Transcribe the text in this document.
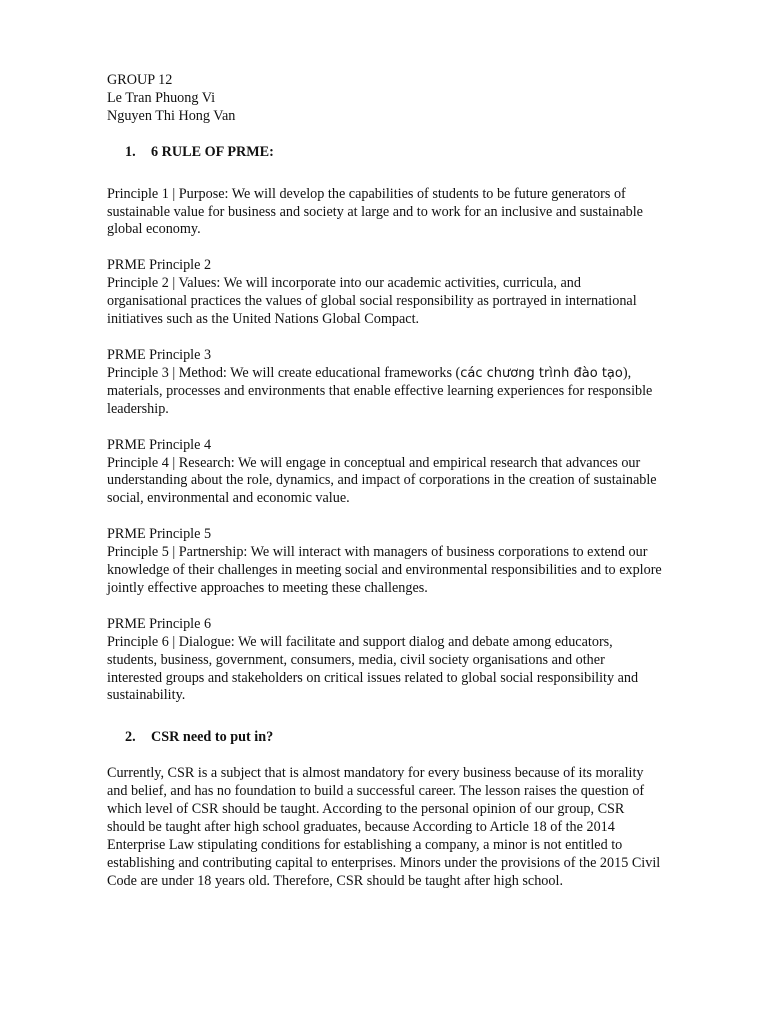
GROUP 12
Le Tran Phuong Vi
Nguyen Thi Hong Van
1.	6 RULE OF PRME:
Principle 1 | Purpose: We will develop the capabilities of students to be future generators of
sustainable value for business and society at large and to work for an inclusive and sustainable
global economy.
PRME Principle 2
Principle 2 | Values: We will incorporate into our academic activities, curricula, and
organisational practices the values of global social responsibility as portrayed in international
initiatives such as the United Nations Global Compact.
PRME Principle 3
Principle 3 | Method: We will create educational frameworks (các chương trình đào tạo),
materials, processes and environments that enable effective learning experiences for responsible
leadership.
PRME Principle 4
Principle 4 | Research: We will engage in conceptual and empirical research that advances our
understanding about the role, dynamics, and impact of corporations in the creation of sustainable
social, environmental and economic value.
PRME Principle 5
Principle 5 | Partnership: We will interact with managers of business corporations to extend our
knowledge of their challenges in meeting social and environmental responsibilities and to explore
jointly effective approaches to meeting these challenges.
PRME Principle 6
Principle 6 | Dialogue: We will facilitate and support dialog and debate among educators,
students, business, government, consumers, media, civil society organisations and other
interested groups and stakeholders on critical issues related to global social responsibility and
sustainability.
2.	CSR need to put in?
Currently, CSR is a subject that is almost mandatory for every business because of its morality
and belief, and has no foundation to build a successful career. The lesson raises the question of
which level of CSR should be taught. According to the personal opinion of our group, CSR
should be taught after high school graduates, because According to Article 18 of the 2014
Enterprise Law stipulating conditions for establishing a company, a minor is not entitled to
establishing and contributing capital to enterprises. Minors under the provisions of the 2015 Civil
Code are under 18 years old. Therefore, CSR should be taught after high school.
